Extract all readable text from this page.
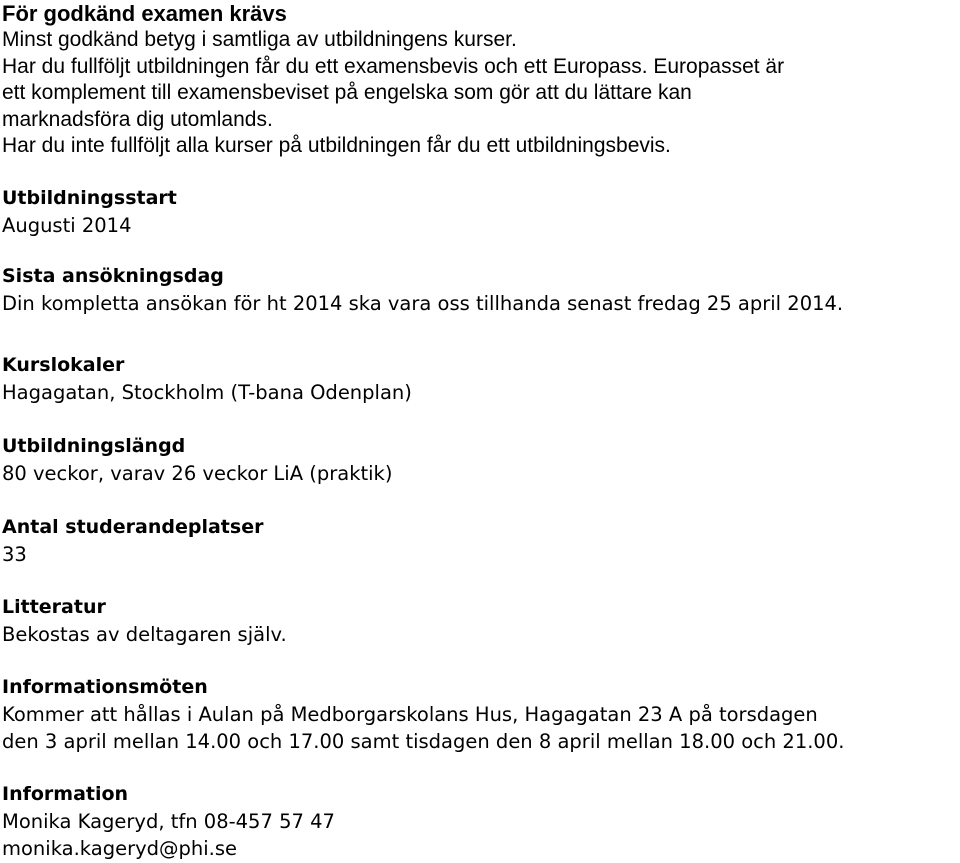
För godkänd examen krävs

Minst godkänd betyg i samtliga av utbildningens kurser.

Har du fullföljt utbildningen får du ett examensbevis och ett Europass. Europasset är

ett komplement till examensbeviset på engelska som gör att du lättare kan

marknadsföra dig utomlands.

Har du inte fullföljt alla kurser på utbildningen får du ett utbildningsbevis.

Utbildningsstart

Augusti 2014

Sista ansökningsdag

Din kompletta ansökan för ht 2014 ska vara oss tillhanda senast fredag 25 april 2014.

Kurslokaler

Hagagatan, Stockholm (T-bana Odenplan)

Utbildningslängd

80 veckor, varav 26 veckor LiA (praktik)

Antal studerandeplatser

33

Litteratur

Bekostas av deltagaren själv.

Informationsmöten

Kommer att hållas i Aulan på Medborgarskolans Hus, Hagagatan 23 A på torsdagen

den 3 april mellan 14.00 och 17.00 samt tisdagen den 8 april mellan 18.00 och 21.00.

Information

Monika Kageryd, tfn 08-457 57 47

monika.kageryd@phi.se
